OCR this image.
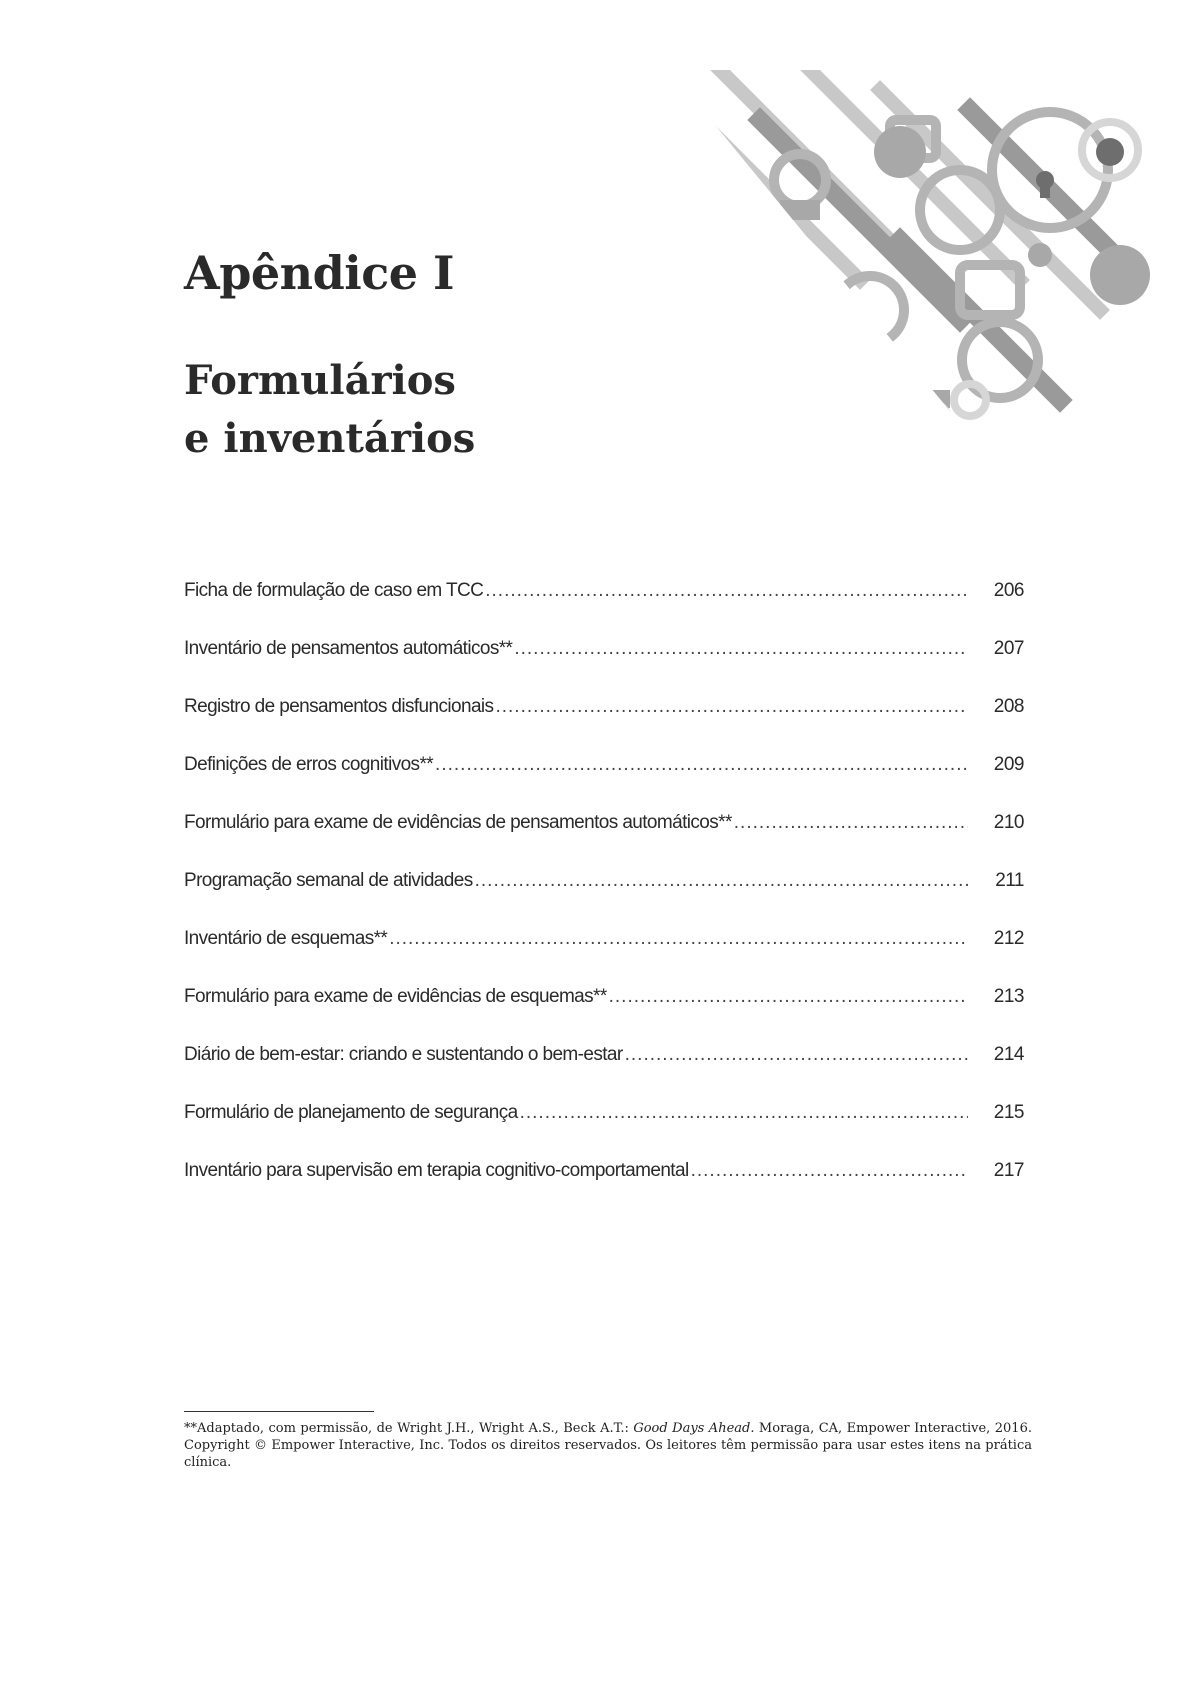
Apêndice I
Formulários
e inventários
Ficha de formulação de caso em TCC .....	206
Inventário de pensamentos automáticos** .....	207
Registro de pensamentos disfuncionais .....	208
Definições de erros cognitivos** .....	209
Formulário para exame de evidências de pensamentos automáticos** .....	210
Programação semanal de atividades .....	211
Inventário de esquemas** .....	212
Formulário para exame de evidências de esquemas** .....	213
Diário de bem-estar: criando e sustentando o bem-estar .....	214
Formulário de planejamento de segurança .....	215
Inventário para supervisão em terapia cognitivo-comportamental .....	217

**Adaptado, com permissão, de Wright J.H., Wright A.S., Beck A.T.: Good Days Ahead. Moraga, CA, Empower Interactive, 2016. Copyright © Empower Interactive, Inc. Todos os direitos reservados. Os leitores têm permissão para usar estes itens na prática clínica.
